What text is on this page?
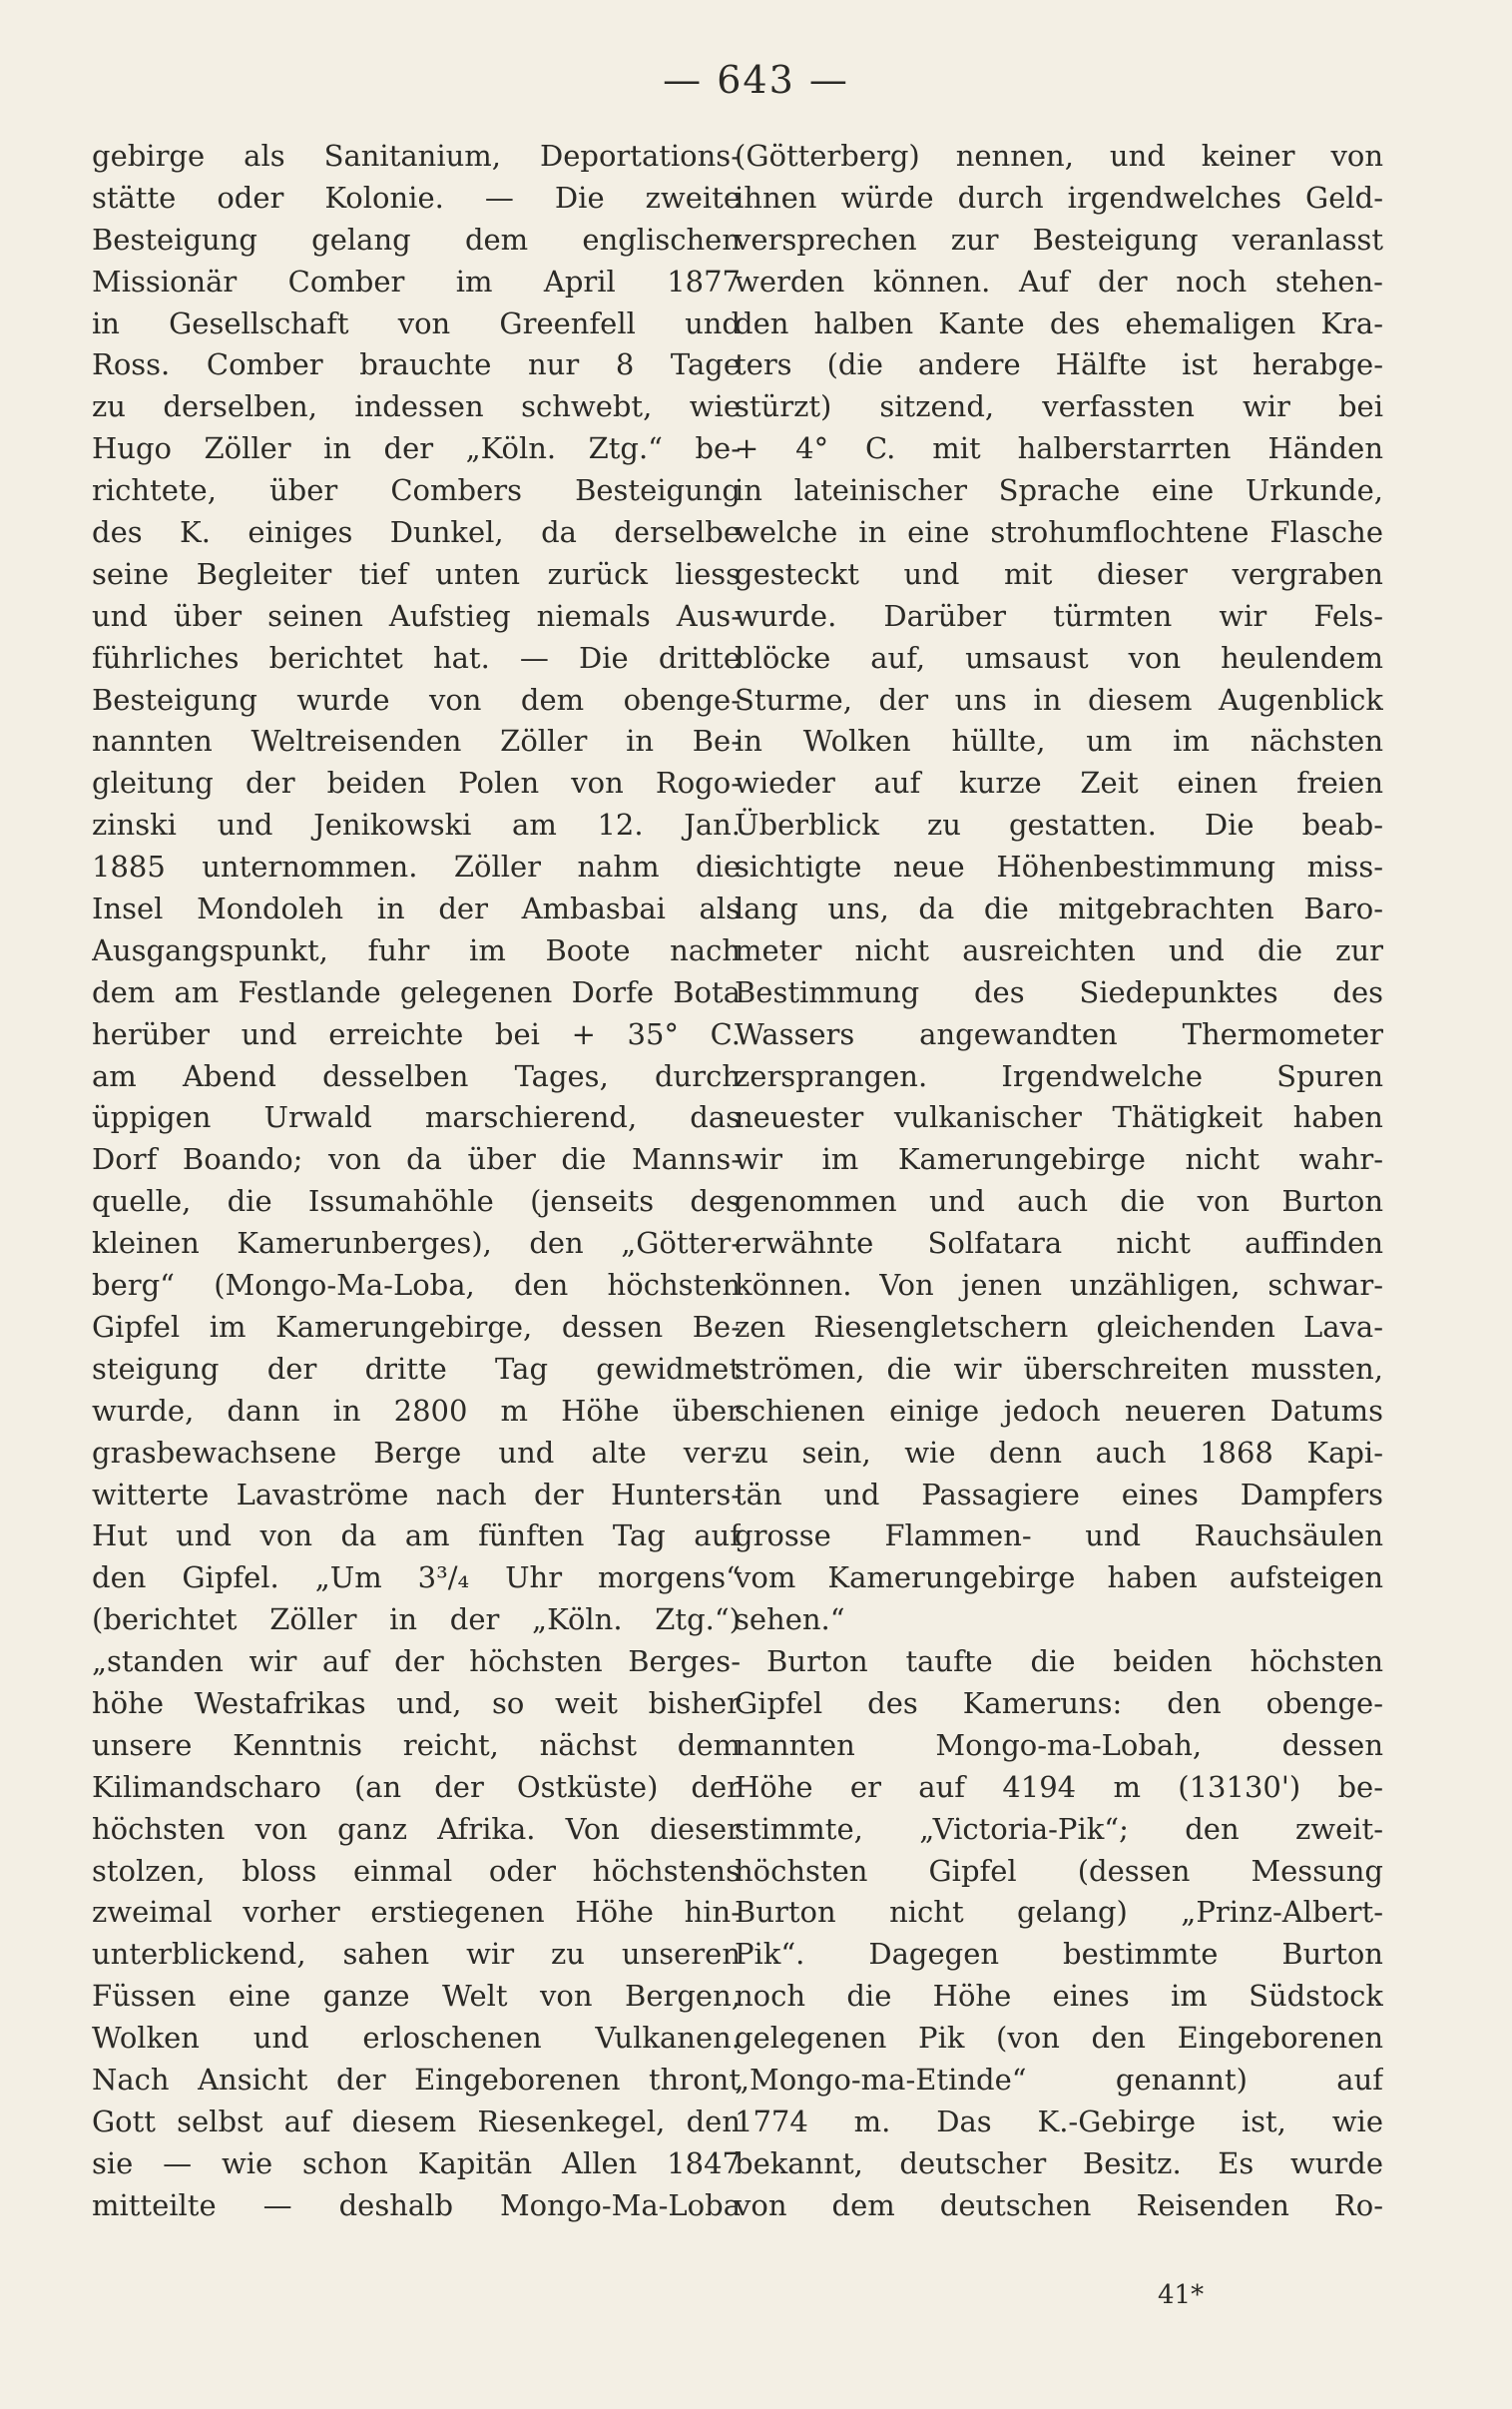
— 643 —
gebirge als Sanitanium, Deportations-
stätte oder Kolonie. — Die zweite
Besteigung gelang dem englischen
Missionär Comber im April 1877
in Gesellschaft von Greenfell und
Ross. Comber brauchte nur 8 Tage
zu derselben, indessen schwebt, wie
Hugo Zöller in der „Köln. Ztg.“ be-
richtete, über Combers Besteigung
des K. einiges Dunkel, da derselbe
seine Begleiter tief unten zurück liess
und über seinen Aufstieg niemals Aus-
führliches berichtet hat. — Die dritte
Besteigung wurde von dem obenge-
nannten Weltreisenden Zöller in Be-
gleitung der beiden Polen von Rogo-
zinski und Jenikowski am 12. Jan.
1885 unternommen. Zöller nahm die
Insel Mondoleh in der Ambasbai als
Ausgangspunkt, fuhr im Boote nach
dem am Festlande gelegenen Dorfe Bota
herüber und erreichte bei + 35° C.
am Abend desselben Tages, durch
üppigen Urwald marschierend, das
Dorf Boando; von da über die Manns-
quelle, die Issumahöhle (jenseits des
kleinen Kamerunberges), den „Götter-
berg“ (Mongo-Ma-Loba, den höchsten
Gipfel im Kamerungebirge, dessen Be-
steigung der dritte Tag gewidmet
wurde, dann in 2800 m Höhe über
grasbewachsene Berge und alte ver-
witterte Lavaströme nach der Hunters-
Hut und von da am fünften Tag auf
den Gipfel. „Um 3³/₄ Uhr morgens“
(berichtet Zöller in der „Köln. Ztg.“)
„standen wir auf der höchsten Berges-
höhe Westafrikas und, so weit bisher
unsere Kenntnis reicht, nächst dem
Kilimandscharo (an der Ostküste) der
höchsten von ganz Afrika. Von dieser
stolzen, bloss einmal oder höchstens
zweimal vorher erstiegenen Höhe hin-
unterblickend, sahen wir zu unseren
Füssen eine ganze Welt von Bergen,
Wolken und erloschenen Vulkanen.
Nach Ansicht der Eingeborenen thront
Gott selbst auf diesem Riesenkegel, den
sie — wie schon Kapitän Allen 1847
mitteilte — deshalb Mongo-Ma-Loba
(Götterberg) nennen, und keiner von
ihnen würde durch irgendwelches Geld-
versprechen zur Besteigung veranlasst
werden können. Auf der noch stehen-
den halben Kante des ehemaligen Kra-
ters (die andere Hälfte ist herabge-
stürzt) sitzend, verfassten wir bei
+ 4° C. mit halberstarrten Händen
in lateinischer Sprache eine Urkunde,
welche in eine strohumflochtene Flasche
gesteckt und mit dieser vergraben
wurde. Darüber türmten wir Fels-
blöcke auf, umsaust von heulendem
Sturme, der uns in diesem Augenblick
in Wolken hüllte, um im nächsten
wieder auf kurze Zeit einen freien
Überblick zu gestatten. Die beab-
sichtigte neue Höhenbestimmung miss-
lang uns, da die mitgebrachten Baro-
meter nicht ausreichten und die zur
Bestimmung des Siedepunktes des
Wassers angewandten Thermometer
zersprangen. Irgendwelche Spuren
neuester vulkanischer Thätigkeit haben
wir im Kamerungebirge nicht wahr-
genommen und auch die von Burton
erwähnte Solfatara nicht auffinden
können. Von jenen unzähligen, schwar-
zen Riesengletschern gleichenden Lava-
strömen, die wir überschreiten mussten,
schienen einige jedoch neueren Datums
zu sein, wie denn auch 1868 Kapi-
tän und Passagiere eines Dampfers
grosse Flammen- und Rauchsäulen
vom Kamerungebirge haben aufsteigen
sehen.“
Burton taufte die beiden höchsten
Gipfel des Kameruns: den obenge-
nannten Mongo-ma-Lobah, dessen
Höhe er auf 4194 m (13130') be-
stimmte, „Victoria-Pik“; den zweit-
höchsten Gipfel (dessen Messung
Burton nicht gelang) „Prinz-Albert-
Pik“. Dagegen bestimmte Burton
noch die Höhe eines im Südstock
gelegenen Pik (von den Eingeborenen
„Mongo-ma-Etinde“ genannt) auf
1774 m. Das K.-Gebirge ist, wie
bekannt, deutscher Besitz. Es wurde
von dem deutschen Reisenden Ro-
41*
